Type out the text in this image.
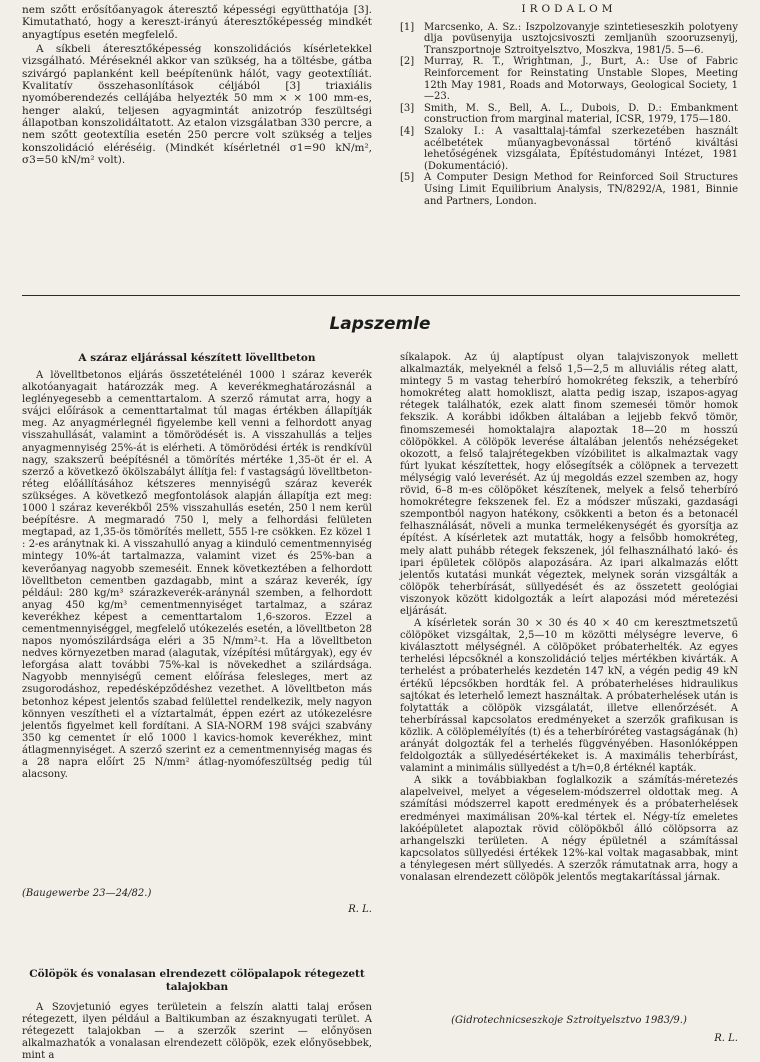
nem szőtt erősítőanyagok áteresztő képességi együtthatója [3]. Kimutatható, hogy a kereszt-irányú áteresztőképesség mindkét anyagtípus esetén megfelelő.

A síkbeli áteresztőképesség konszolidációs kísérletekkel vizsgálható. Méréseknél akkor van szükség, ha a töltésbe, gátba szivárgó paplanként kell beépítenünk hálót, vagy geotextíliát. Kvalitatív összehasonlítások céljából [3] triaxiális nyomóberendezés cellájába helyezték 50 mm × × 100 mm-es, henger alakú, teljesen agyagmintát anizotróp feszültségi állapotban konszolidáltatott. Az etalon vizsgálatban 330 percre, a nem szőtt geotextília esetén 250 percre volt szükség a teljes konszolidáció eléréséig. (Mindkét kísérletnél σ1=90 kN/m², σ3=50 kN/m² volt).

IRODALOM
[1] Marcsenko, A. Sz.: Iszpolzovanyje szintetieseszkih polotyeny dlja povüsenyija usztojcsivoszti zemljanüh szooruzsenyij, Transzportnoje Sztroityelsztvo, Moszkva, 1981/5. 5—6.
[2] Murray, R. T., Wrightman, J., Burt, A.: Use of Fabric Reinforcement for Reinstating Unstable Slopes, Meeting 12th May 1981, Roads and Motorways, Geological Society, 1—23.
[3] Smith, M. S., Bell, A. L., Dubois, D. D.: Embankment construction from marginal material, ICSR, 1979, 175—180.
[4] Szaloky I.: A vasalttalaj-támfal szerkezetében használt acélbetétek műanyagbevonással történő kiváltási lehetőségének vizsgálata, Építéstudományi Intézet, 1981 (Dokumentáció).
[5] A Computer Design Method for Reinforced Soil Structures Using Limit Equilibrium Analysis, TN/8292/A, 1981, Binnie and Partners, London.
Lapszemle
A száraz eljárással készített lövelltbeton

A lövelltbetonos eljárás összetételénél 1000 l száraz keverék alkotóanyagait határozzák meg. A keverékmeghatározásnál a leglényegesebb a cementtartalom. A szerző rámutat arra, hogy a svájci előírások a cementtartalmat túl magas értékben állapítják meg. Az anyagmérlegnél figyelembe kell venni a felhordott anyag visszahullását, valamint a tömörödését is. A visszahullás a teljes anyagmennyiség 25%-át is elérheti. A tömörödési érték is rendkívül nagy, szakszerű beépítésnél a tömörítés mértéke 1,35-öt ér el. A szerző a következő ökölszabályt állítja fel: f vastagságú lövelltbeton-réteg előállításához kétszeres mennyiségű száraz keverék szükséges. A következő megfontolások alapján állapítja ezt meg: 1000 l száraz keverékből 25% visszahullás esetén, 250 l nem kerül beépítésre. A megmaradó 750 l, mely a felhordási felületen megtapad, az 1,35-ös tömörítés mellett, 555 l-re csökken. Ez közel 1 : 2-es aránytnak ki. A visszahulló anyag a kiinduló cementmennyiség mintegy 10%-át tartalmazza, valamint vizet és 25%-ban a keverőanyag nagyobb szemeséit. Ennek következtében a felhordott lövelltbeton cementben gazdagabb, mint a száraz keverék, így például: 280 kg/m³ szárazkeverék-aránynál szemben, a felhordott anyag 450 kg/m³ cementmennyiséget tartalmaz, a száraz keverékhez képest a cementtartalom 1,6-szoros. Ezzel a cementmennyiséggel, megfelelő utókezelés esetén, a lövelltbeton 28 napos nyomószilárdsága eléri a 35 N/mm²-t. Ha a lövelltbeton nedves környezetben marad (alagutak, vízépítési műtárgyak), egy év leforgása alatt további 75%-kal is növekedhet a szilárdsága. Nagyobb mennyiségű cement előírása felesleges, mert az zsugorodáshoz, repedésképződéshez vezethet. A lövelltbeton más betonhoz képest jelentős szabad felülettel rendelkezik, mely nagyon könnyen veszítheti el a víztartalmát, éppen ezért az utókezelésre jelentős figyelmet kell fordítani. A SIA-NORM 198 svájci szabvány 350 kg cementet ír elő 1000 l kavics-homok keverékhez, mint átlagmennyiséget. A szerző szerint ez a cementmennyiség magas és a 28 napra előírt 25 N/mm² átlag-nyomófeszültség pedig túl alacsony.

(Baugewerbe 23—24/82.)
R. L.
Cölöpök és vonalasan elrendezett cölöpalapok rétegezett talajokban

A Szovjetunió egyes területein a felszín alatti talaj erősen rétegezett, ilyen például a Baltikumban az északnyugati terület. A rétegezett talajokban — a szerzők szerint — előnyösen alkalmazhatók a vonalasan elrendezett cölöpök, ezek előnyösebbek, mint a

síkalapok. Az új alaptípust olyan talajviszonyok mellett alkalmazták, melyeknél a felső 1,5—2,5 m alluviális réteg alatt, mintegy 5 m vastag teherbíró homokréteg fekszik, a teherbíró homokréteg alatt homokliszt, alatta pedig iszap, iszapos-agyag rétegek találhatók, ezek alatt finom szemeséi tömör homok fekszik. A korábbi időkben általában a lejjebb fekvő tömör, finomszemeséi homoktalajra alapoztak 18—20 m hosszú cölöpökkel. A cölöpök leverése általában jelentős nehézségeket okozott, a felső talajrétegekben vízóbilitet is alkalmaztak vagy fúrt lyukat készítettek, hogy elősegítsék a cölöpnek a tervezett mélységig való leverését. Az új megoldás ezzel szemben az, hogy rövid, 6–8 m-es cölöpöket készítenek, melyek a felső teherbíró homokrétegre fekszenek fel. Ez a módszer műszaki, gazdasági szempontból nagyon hatékony, csökkenti a beton és a betonacél felhasználását, növeli a munka termelékenységét és gyorsítja az építést. A kísérletek azt mutatták, hogy a felsőbb homokréteg, mely alatt puhább rétegek fekszenek, jól felhasználható lakó- és ipari épületek cölöpös alapozására. Az ipari alkalmazás előtt jelentős kutatási munkát végeztek, melynek során vizsgálták a cölöpök teherbírását, süllyedését és az összetett geológiai viszonyok között kidolgozták a leírt alapozási mód méretezési eljárását.

A kísérletek során 30 × 30 és 40 × 40 cm keresztmetszetű cölöpöket vizsgáltak, 2,5—10 m közötti mélységre leverve, 6 kiválasztott mélységnél. A cölöpöket próbaterhelték. Az egyes terhelési lépcsőknél a konszolidáció teljes mértékben kivárták. A terhelést a próbaterhelés kezdetén 147 kN, a végén pedig 49 kN értékű lépcsőkben hordták fel. A próbaterheléses hidraulikus sajtókat és leterhelő lemezt használtak. A próbaterhelések után is folytatták a cölöpök vizsgálatát, illetve ellenőrzését. A teherbírással kapcsolatos eredményeket a szerzők grafikusan is közlik. A cölöplemélyítés (t) és a teherbíróréteg vastagságának (h) arányát dolgozták fel a terhelés függvényében. Hasonlóképpen feldolgozták a süllyedésértékeket is. A maximális teherbírást, valamint a minimális süllyedést a t/h=0,8 értéknél kapták.

A sikk a továbbiakban foglalkozik a számítás-méretezés alapelveivel, melyet a végeselem-módszerrel oldottak meg. A számítási módszerrel kapott eredmények és a próbaterhelések eredményei maximálisan 20%-kal tértek el. Négy-tíz emeletes lakóépületet alapoztak rövid cölöpökből álló cölöpsorra az arhangelszki területen. A négy épületnél a számítással kapcsolatos süllyedési értékek 12%-kal voltak magasabbak, mint a ténylegesen mért süllyedés. A szerzők rámutatnak arra, hogy a vonalasan elrendezett cölöpök jelentős megtakarítással járnak.

(Gidrotechnicseszkoje Sztroityelsztvo 1983/9.)
R. L.
